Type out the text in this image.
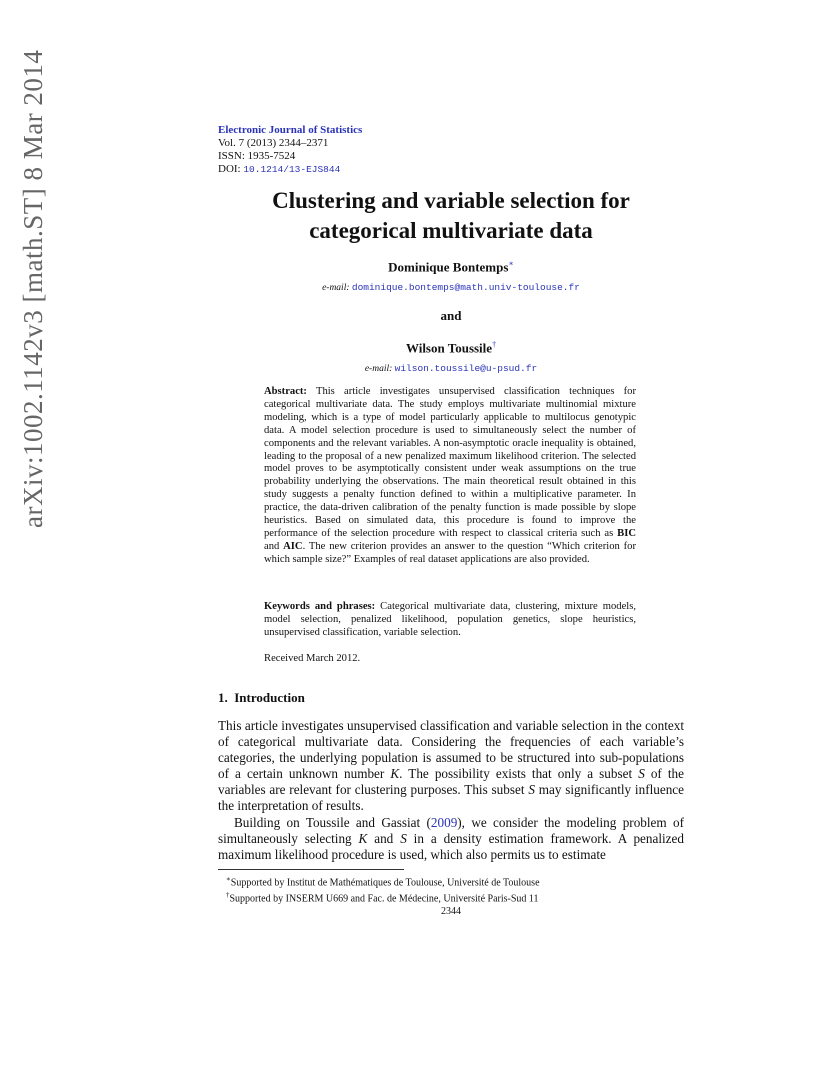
arXiv:1002.1142v3 [math.ST] 8 Mar 2014	Electronic Journal of Statistics
Vol. 7 (2013) 2344–2371
ISSN: 1935-7524
DOI: 10.1214/13-EJS844
Clustering and variable selection for
categorical multivariate data
Dominique Bontemps∗
e-mail: dominique.bontemps@math.univ-toulouse.fr
and
Wilson Toussile†
e-mail: wilson.toussile@u-psud.fr
Abstract: This article investigates unsupervised classification techniques for categorical multivariate data. The study employs multivariate multinomial mixture modeling, which is a type of model particularly applicable to multilocus genotypic data. A model selection procedure is used to simultaneously select the number of components and the relevant variables. A non-asymptotic oracle inequality is obtained, leading to the proposal of a new penalized maximum likelihood criterion. The selected model proves to be asymptotically consistent under weak assumptions on the true probability underlying the observations. The main theoretical result obtained in this study suggests a penalty function defined to within a multiplicative parameter. In practice, the data-driven calibration of the penalty function is made possible by slope heuristics. Based on simulated data, this procedure is found to improve the performance of the selection procedure with respect to classical criteria such as BIC and AIC. The new criterion provides an answer to the question “Which criterion for which sample size?” Examples of real dataset applications are also provided.
Keywords and phrases: Categorical multivariate data, clustering, mixture models, model selection, penalized likelihood, population genetics, slope heuristics, unsupervised classification, variable selection.
Received March 2012.
1. Introduction

This article investigates unsupervised classification and variable selection in the context of categorical multivariate data. Considering the frequencies of each variable’s categories, the underlying population is assumed to be structured into sub-populations of a certain unknown number K. The possibility exists that only a subset S of the variables are relevant for clustering purposes. This subset S may significantly influence the interpretation of results.

Building on Toussile and Gassiat (2009), we consider the modeling problem of simultaneously selecting K and S in a density estimation framework. A penalized maximum likelihood procedure is used, which also permits us to estimate

∗Supported by Institut de Mathématiques de Toulouse, Université de Toulouse
†Supported by INSERM U669 and Fac. de Médecine, Université Paris-Sud 11
2344
